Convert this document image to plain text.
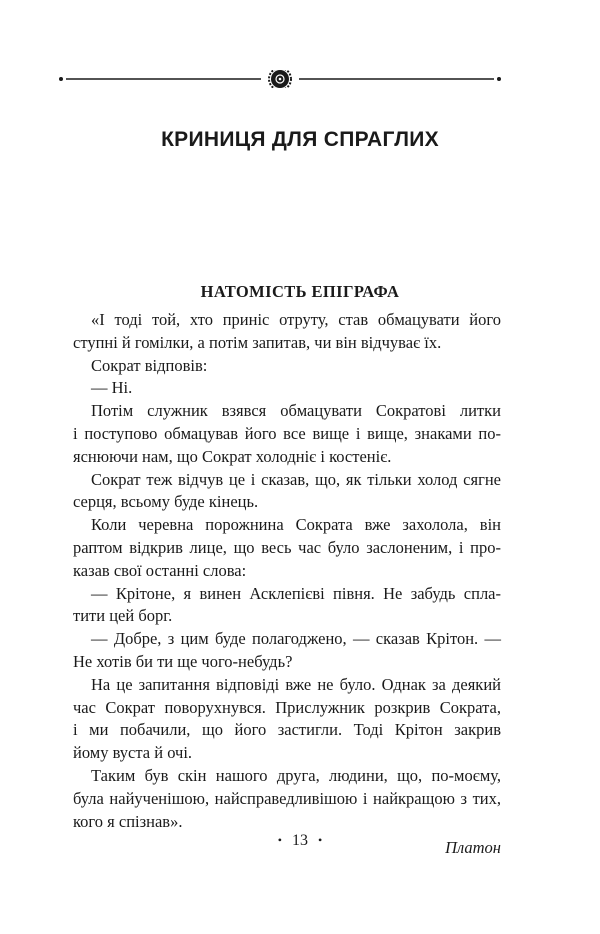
КРИНИЦЯ ДЛЯ СПРАГЛИХ
НАТОМІСТЬ ЕПІГРАФА
«І тоді той, хто приніс отруту, став обмацувати його
ступні й гомілки, а потім запитав, чи він відчуває їх.
Сократ відповів:
— Ні.
Потім служник взявся обмацувати Сократові литки
і поступово обмацував його все вище і вище, знаками по-
яснюючи нам, що Сократ холодніє і костеніє.
Сократ теж відчув це і сказав, що, як тільки холод сягне
серця, всьому буде кінець.
Коли черевна порожнина Сократа вже захолола, він
раптом відкрив лице, що весь час було заслоненим, і про-
казав свої останні слова:
— Крітоне, я винен Асклепієві півня. Не забудь спла-
тити цей борг.
— Добре, з цим буде полагоджено, — сказав Крітон. —
Не хотів би ти ще чого-небудь?
На це запитання відповіді вже не було. Однак за деякий
час Сократ поворухнувся. Прислужник розкрив Сократа,
і ми побачили, що його застигли. Тоді Крітон закрив
йому вуста й очі.
Таким був скін нашого друга, людини, що, по-моєму,
була найученішою, найсправедливішою і найкращою з тих,
кого я спізнав».
Платон
• 13 •
